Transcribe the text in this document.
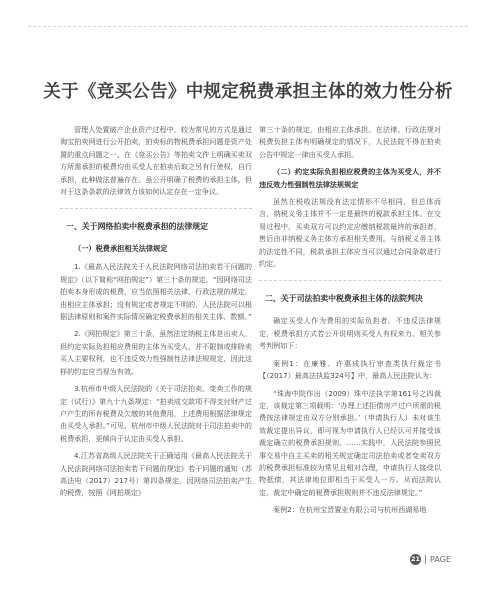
关于《竞买公告》中规定税费承担主体的效力性分析

管理人处置破产企业资产过程中，较为常见的方式是通过淘宝拍卖网进行公开拍卖，拍卖标的物税费承担问题是资产处置的重点问题之一。在《竞买公告》等拍卖文件上明确买卖双方所需承担的税费均由买受人在拍卖后取之另有行使权，自行承担，此种做法普遍存在。虽公开明确了税费的承担主体，但对于这条条款的法律效力该如何认定存在一定争议。

一、关于网络拍卖中税费承担的法律规定
（一）税费承担相关法律规定

1.《最高人民法院关于人民法院网络司法拍卖若干问题的规定》（以下简称“网拍规定”）第三十条的规定，“因网络司法拍卖本身形成的税费，应当依照相关法律、行政法规的规定，由相应主体承担；没有规定或者规定不明的，人民法院可以根据法律原则和案件实际情况确定税费承担的相关主体、数额。”

2.《网拍规定》第三十条，虽然法定纳税主体是出卖人，但约定实际负担相应费用的主体为买受人，并不限制或排除卖买人主要权利，也不违反效力性强制性法律法规规定，因此这样的约定应当视为有效。

3.杭州市中级人民法院的《关于司法拍卖、变卖工作的规定（试行）》第九十九条规定：“拍卖成交款项不得支付财产过户产生的所有税费及欠缴的其他费用，上述费用根据法律规定由买受人承担。”可见，杭州市中级人民法院对于司法拍卖中的税费承担，更倾向于认定由买受人承担。

4.江苏省高级人民法院关于正确适用《最高人民法院关于人民法院网络司法拍卖若干问题的规定》若干问题的通知（苏高法电（2017）217号）第四条规定，因网络司法拍卖产生的税费，按照《网拍规定》

第三十条的规定，由相应主体承担。在法律、行政法规对税费负担主体有明确规定的情况下，人民法院不得在拍卖公告中规定一律由买受人承担。

（二）约定实际负担相应税费的主体为买受人，并不违反效力性强制性法律法规规定

虽然在税收法规没有法定情形不尽相同，但总体而言，纳税义务主体并不一定是最终的税款承担主体。在交易过程中，买卖双方可以约定应缴纳税款最终的承担者，售后由非纳税义务主体方承担相关费用。与纳税义务主体的法定性不同，税款承担主体应当可以通过合同条款进行约定。

二、关于司法拍卖中税费承担主体的法院判决

确定买受人作为费用的实际负担者，不违反法律规定，税费承担方式若公开说明则买受人有权来力。相关参考判例如下：

案例1：在廉雅、许惠成执行审查类执行裁定书【（2017）最高法执监324号】中，最高人民法院认为：

“珠海中院作出（2009）珠中法执字第161号之四裁定，该裁定第三项载明：‘办理上述拒债房产过户所需的税费按法律规定由双方分别承担。’（申请执行人）未对该生效裁定提出异议，即可视为申请执行人已经认可并接受该裁定确立的税费承担规则。……实践中，人民法院参照民事交易中自主买卖的相关规定确定司法拍卖或者变卖双方的税费承担标准较为常见且相对合理，申请执行人接受以物抵债，其法律地位即相当于买受人一方。从而法院认定，裁定中确定的税费承担规则并不违反法律规定。”

案例2：在杭州宝晋置业有限公司与杭州西湖易地

21 PAGE
